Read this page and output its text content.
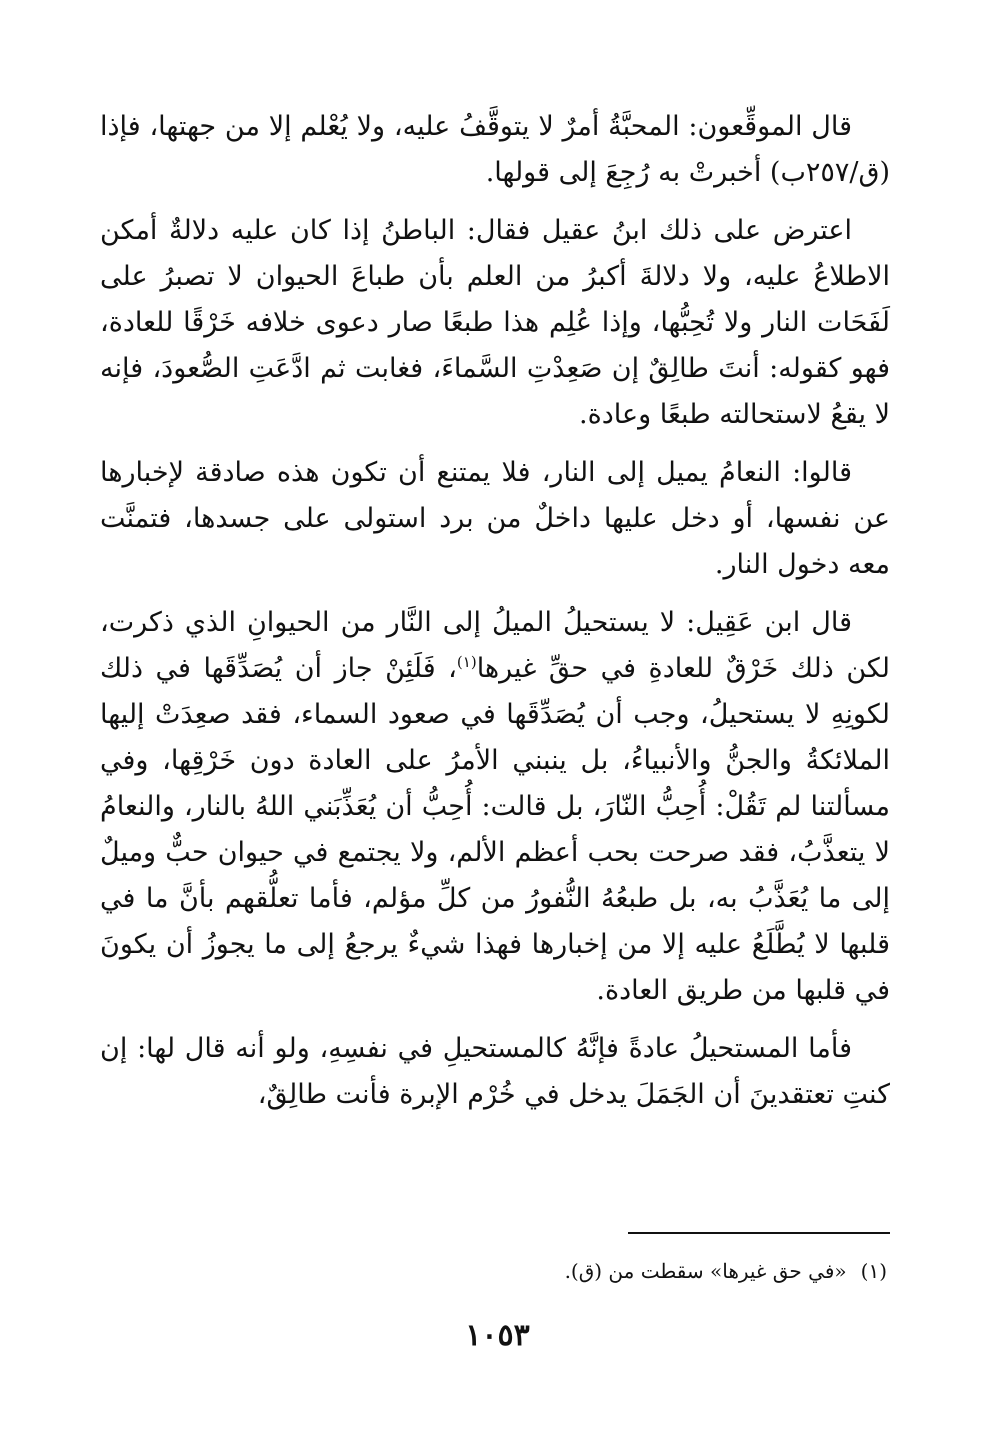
قال الموقِّعون: المحبَّةُ أمرٌ لا يتوقَّفُ عليه، ولا يُعْلم إلا من جهتها، فإذا (ق/٢٥٧ب) أخبرتْ به رُجِعَ إلى قولها.

اعترض على ذلك ابنُ عقيل فقال: الباطنُ إذا كان عليه دلالةٌ أمكن الاطلاعُ عليه، ولا دلالةَ أكبرُ من العلم بأن طباعَ الحيوان لا تصبرُ على لَفَحَات النار ولا تُحِبُّها، وإذا عُلِم هذا طبعًا صار دعوى خلافه خَرْقًا للعادة، فهو كقوله: أنتَ طالِقٌ إن صَعِدْتِ السَّماءَ، فغابت ثم ادَّعَتِ الصُّعودَ، فإنه لا يقعُ لاستحالته طبعًا وعادة.

قالوا: النعامُ يميل إلى النار، فلا يمتنع أن تكون هذه صادقة لإخبارها عن نفسها، أو دخل عليها داخلٌ من برد استولى على جسدها، فتمنَّت معه دخول النار.

قال ابن عَقِيل: لا يستحيلُ الميلُ إلى النَّار من الحيوانِ الذي ذكرت، لكن ذلك خَرْقٌ للعادةِ في حقِّ غيرها$^{(١)}$، فَلَئِنْ جاز أن يُصَدِّقَها في ذلك لكونِهِ لا يستحيلُ، وجب أن يُصَدِّقَها في صعود السماء، فقد صعِدَتْ إليها الملائكةُ والجنُّ والأنبياءُ، بل ينبني الأمرُ على العادة دون خَرْقِها، وفي مسألتنا لم تَقُلْ: أُحِبُّ النّارَ، بل قالت: أُحِبُّ أن يُعَذِّبَني اللهُ بالنار، والنعامُ لا يتعذَّبُ، فقد صرحت بحب أعظم الألم، ولا يجتمع في حيوان حبٌّ وميلٌ إلى ما يُعَذَّبُ به، بل طبعُهُ النُّفورُ من كلِّ مؤلم، فأما تعلُّقهم بأنَّ ما في قلبها لا يُطَّلَعُ عليه إلا من إخبارها فهذا شيءٌ يرجعُ إلى ما يجوزُ أن يكونَ في قلبها من طريق العادة.

فأما المستحيلُ عادةً فإنَّهُ كالمستحيلِ في نفسِهِ، ولو أنه قال لها: إن كنتِ تعتقدينَ أن الجَمَلَ يدخل في خُرْم الإبرة فأنت طالِقٌ،

(١)«في حق غيرها» سقطت من (ق).
١٠٥٣
